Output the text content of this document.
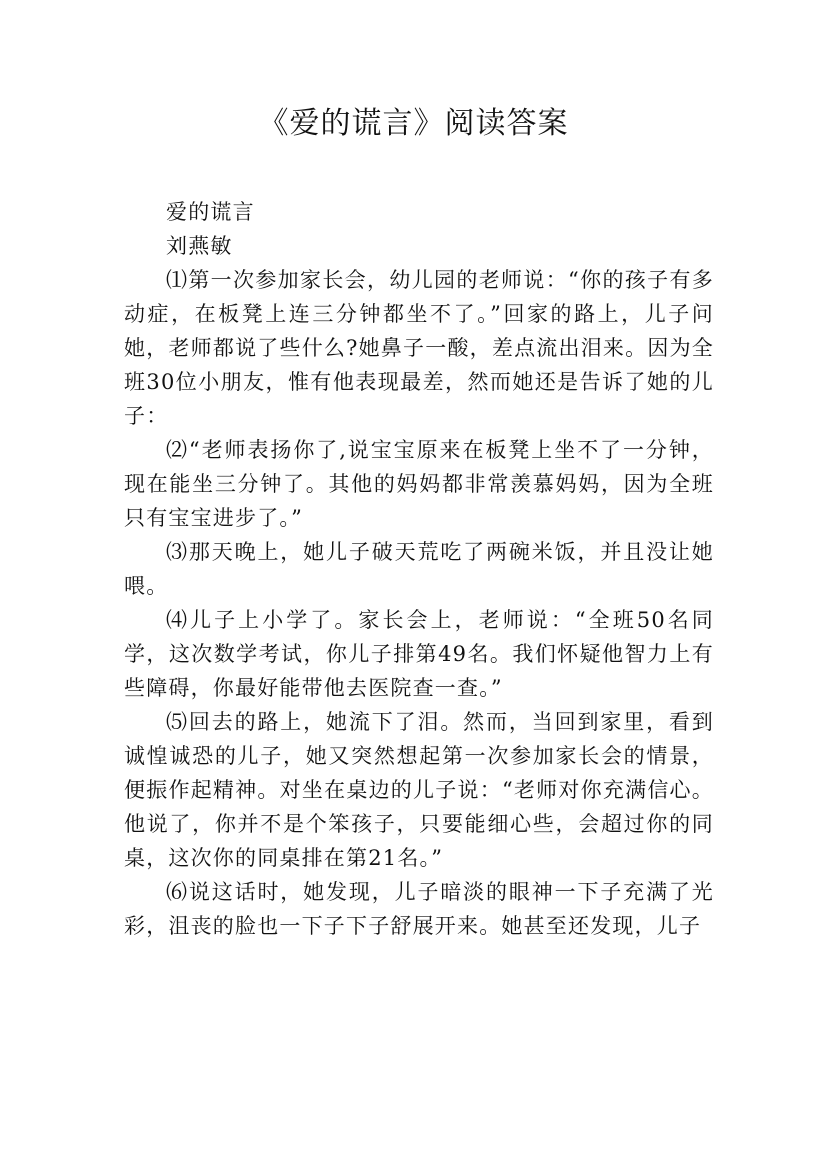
《爱的谎言》阅读答案

爱的谎言

刘燕敏

⑴第一次参加家长会，幼儿园的老师说：“你的孩子有多动症，在板凳上连三分钟都坐不了。”回家的路上，儿子问她，老师都说了些什么?她鼻子一酸，差点流出泪来。因为全班30位小朋友，惟有他表现最差，然而她还是告诉了她的儿子：

⑵“老师表扬你了,说宝宝原来在板凳上坐不了一分钟，现在能坐三分钟了。其他的妈妈都非常羡慕妈妈，因为全班只有宝宝进步了。”

⑶那天晚上，她儿子破天荒吃了两碗米饭，并且没让她喂。

⑷儿子上小学了。家长会上，老师说：“全班50名同学，这次数学考试，你儿子排第49名。我们怀疑他智力上有些障碍，你最好能带他去医院查一查。”

⑸回去的路上，她流下了泪。然而，当回到家里，看到诚惶诚恐的儿子，她又突然想起第一次参加家长会的情景，便振作起精神。对坐在桌边的儿子说：“老师对你充满信心。他说了，你并不是个笨孩子，只要能细心些，会超过你的同桌，这次你的同桌排在第21名。”

⑹说这话时，她发现，儿子暗淡的眼神一下子充满了光彩，沮丧的脸也一下子下子舒展开来。她甚至还发现，儿子
